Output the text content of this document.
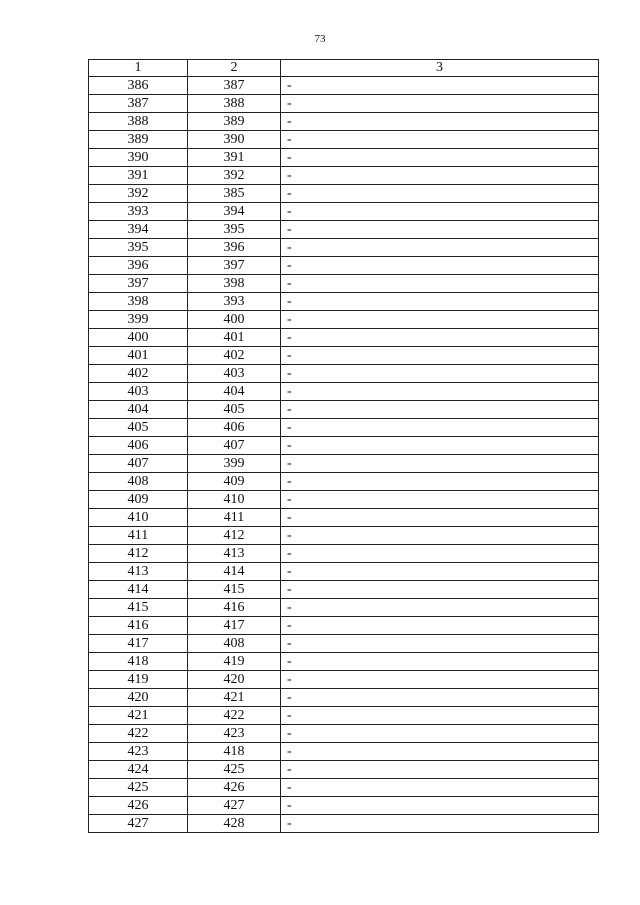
73
1	2	3
386	387	-
387	388	-
388	389	-
389	390	-
390	391	-
391	392	-
392	385	-
393	394	-
394	395	-
395	396	-
396	397	-
397	398	-
398	393	-
399	400	-
400	401	-
401	402	-
402	403	-
403	404	-
404	405	-
405	406	-
406	407	-
407	399	-
408	409	-
409	410	-
410	411	-
411	412	-
412	413	-
413	414	-
414	415	-
415	416	-
416	417	-
417	408	-
418	419	-
419	420	-
420	421	-
421	422	-
422	423	-
423	418	-
424	425	-
425	426	-
426	427	-
427	428	-
